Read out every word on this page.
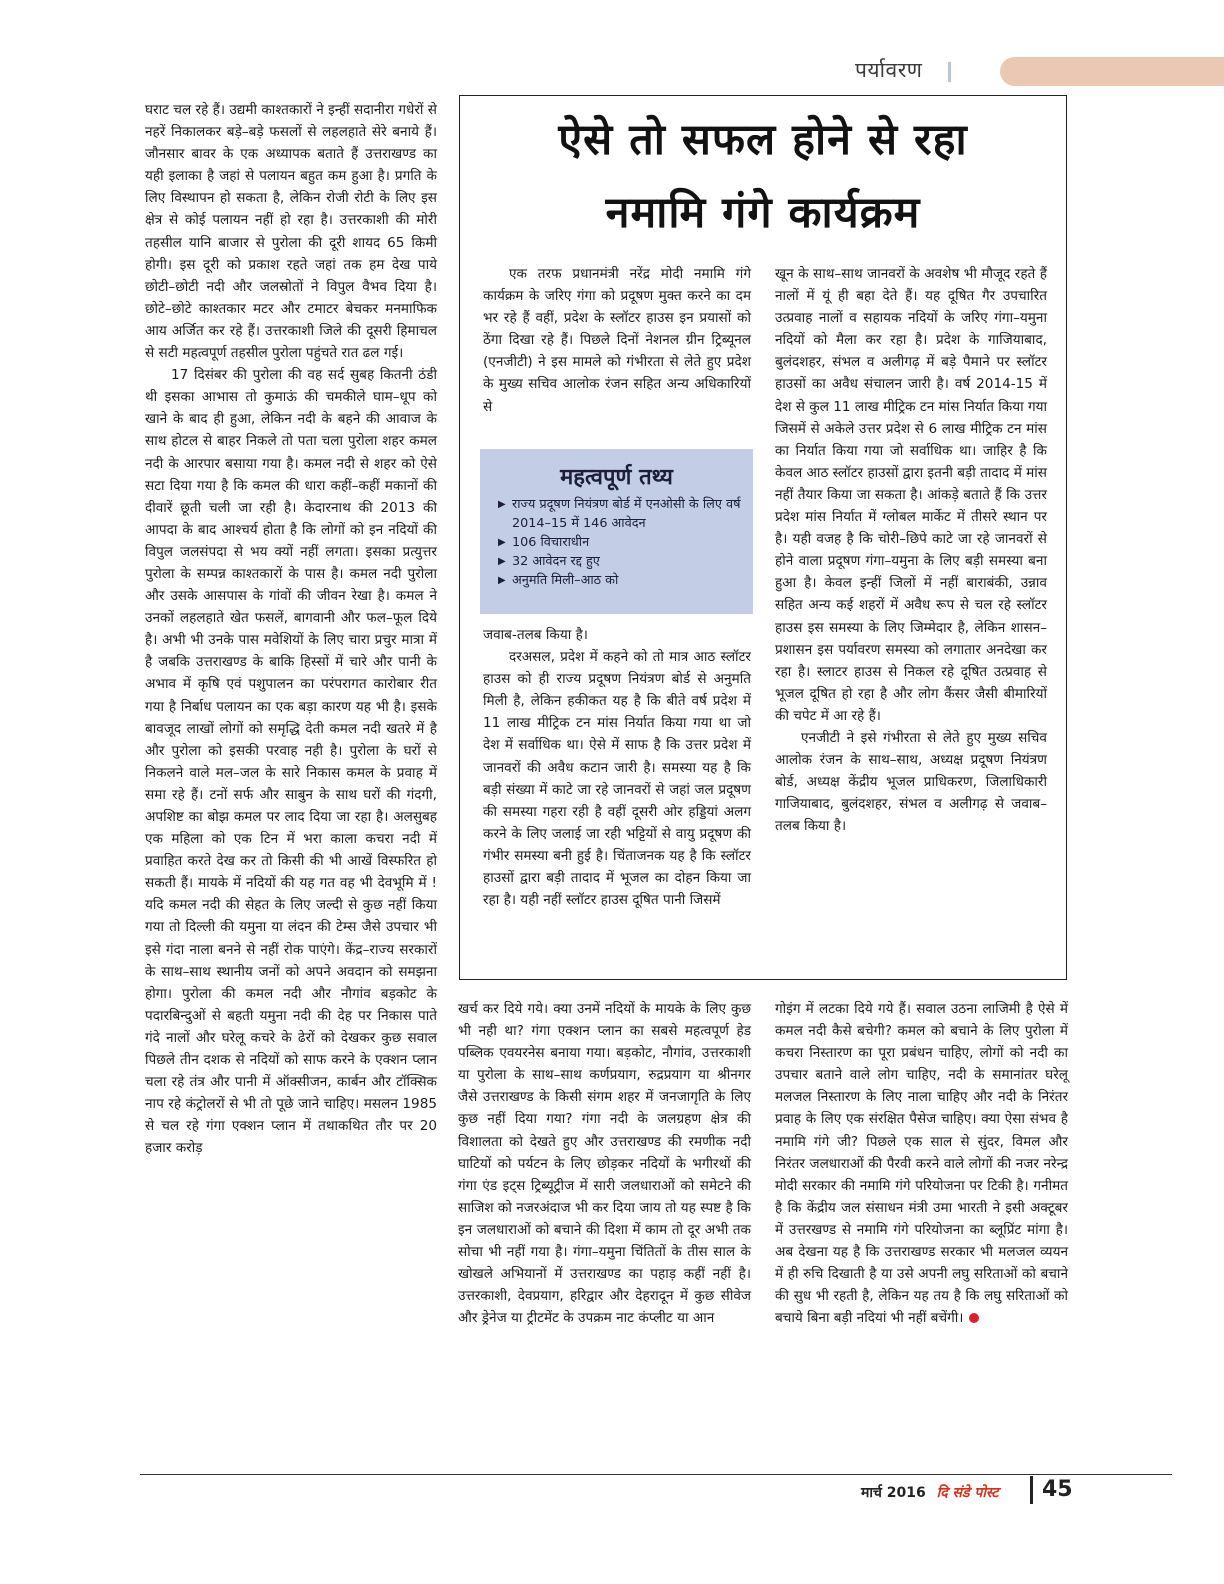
पर्यावरण

घराट चल रहे हैं। उद्यमी काश्तकारों ने इन्हीं सदानीरा गधेरों से नहरें निकालकर बड़े–बड़े फसलों से लहलहाते सेरे बनाये हैं। जौनसार बावर के एक अध्यापक बताते हैं उत्तराखण्ड का यही इलाका है जहां से पलायन बहुत कम हुआ है। प्रगति के लिए विस्थापन हो सकता है, लेकिन रोजी रोटी के लिए इस क्षेत्र से कोई पलायन नहीं हो रहा है। उत्तरकाशी की मोरी तहसील यानि बाजार से पुरोला की दूरी शायद 65 किमी होगी। इस दूरी को प्रकाश रहते जहां तक हम देख पाये छोटी–छोटी नदी और जलस्रोतों ने विपुल वैभव दिया है। छोटे–छोटे काश्तकार मटर और टमाटर बेचकर मनमाफिक आय अर्जित कर रहे हैं। उत्तरकाशी जिले की दूसरी हिमाचल से सटी महत्वपूर्ण तहसील पुरोला पहुंचते रात ढल गई।

17 दिसंबर की पुरोला की वह सर्द सुबह कितनी ठंडी थी इसका आभास तो कुमाऊं की चमकीले घाम–धूप को खाने के बाद ही हुआ, लेकिन नदी के बहने की आवाज के साथ होटल से बाहर निकले तो पता चला पुरोला शहर कमल नदी के आरपार बसाया गया है। कमल नदी से शहर को ऐसे सटा दिया गया है कि कमल की धारा कहीं–कहीं मकानों की दीवारें छूती चली जा रही है। केदारनाथ की 2013 की आपदा के बाद आश्चर्य होता है कि लोगों को इन नदियों की विपुल जलसंपदा से भय क्यों नहीं लगता। इसका प्रत्युत्तर पुरोला के सम्पन्न काश्तकारों के पास है। कमल नदी पुरोला और उसके आसपास के गांवों की जीवन रेखा है। कमल ने उनकों लहलहाते खेत फसलें, बागवानी और फल–फूल दिये है। अभी भी उनके पास मवेशियों के लिए चारा प्रचुर मात्रा में है जबकि उत्तराखण्ड के बाकि हिस्सों में चारे और पानी के अभाव में कृषि एवं पशुपालन का परंपरागत कारोबार रीत गया है निर्बाध पलायन का एक बड़ा कारण यह भी है। इसके बावजूद लाखों लोगों को समृद्धि देती कमल नदी खतरे में है और पुरोला को इसकी परवाह नही है। पुरोला के घरों से निकलने वाले मल–जल के सारे निकास कमल के प्रवाह में समा रहे हैं। टनों सर्फ और साबुन के साथ घरों की गंदगी, अपशिष्ट का बोझ कमल पर लाद दिया जा रहा है। अलसुबह एक महिला को एक टिन में भरा काला कचरा नदी में प्रवाहित करते देख कर तो किसी की भी आखें विस्फरित हो सकती हैं। मायके में नदियों की यह गत वह भी देवभूमि में ! यदि कमल नदी की सेहत के लिए जल्दी से कुछ नहीं किया गया तो दिल्ली की यमुना या लंदन की टेम्स जैसे उपचार भी इसे गंदा नाला बनने से नहीं रोक पाएंगे। केंद्र–राज्य सरकारों के साथ–साथ स्थानीय जनों को अपने अवदान को समझना होगा। पुरोला की कमल नदी और नौगांव बड़कोट के पदारबिन्दुओं से बहती यमुना नदी की देह पर निकास पाते गंदे नालों और घरेलू कचरे के ढेरों को देखकर कुछ सवाल पिछले तीन दशक से नदियों को साफ करने के एक्शन प्लान चला रहे तंत्र और पानी में ऑक्सीजन, कार्बन और टॉक्सिक नाप रहे कंट्रोलरों से भी तो पूछे जाने चाहिए। मसलन 1985 से चल रहे गंगा एक्शन प्लान में तथाकथित तौर पर 20 हजार करोड़

ऐसे तो सफल होने से रहा
नमामि गंगे कार्यक्रम

एक तरफ प्रधानमंत्री नरेंद्र मोदी नमामि गंगे कार्यक्रम के जरिए गंगा को प्रदूषण मुक्त करने का दम भर रहे हैं वहीं, प्रदेश के स्लॉटर हाउस इन प्रयासों को ठेंगा दिखा रहे हैं। पिछले दिनों नेशनल ग्रीन ट्रिब्यूनल (एनजीटी) ने इस मामले को गंभीरता से लेते हुए प्रदेश के मुख्य सचिव आलोक रंजन सहित अन्य अधिकारियों से

महत्वपूर्ण तथ्य
▶ राज्य प्रदूषण नियंत्रण बोर्ड में एनओसी के लिए वर्ष 2014–15 में 146 आवेदन
▶ 106 विचाराधीन
▶ 32 आवेदन रद्द हुए
▶ अनुमति मिली–आठ को

जवाब-तलब किया है।

दरअसल, प्रदेश में कहने को तो मात्र आठ स्लॉटर हाउस को ही राज्य प्रदूषण नियंत्रण बोर्ड से अनुमति मिली है, लेकिन हकीकत यह है कि बीते वर्ष प्रदेश में 11 लाख मीट्रिक टन मांस निर्यात किया गया था जो देश में सर्वाधिक था। ऐसे में साफ है कि उत्तर प्रदेश में जानवरों की अवैध कटान जारी है। समस्या यह है कि बड़ी संख्या में काटे जा रहे जानवरों से जहां जल प्रदूषण की समस्या गहरा रही है वहीं दूसरी ओर हड्डियां अलग करने के लिए जलाई जा रही भट्टियों से वायु प्रदूषण की गंभीर समस्या बनी हुई है। चिंताजनक यह है कि स्लॉटर हाउसों द्वारा बड़ी तादाद में भूजल का दोहन किया जा रहा है। यही नहीं स्लॉटर हाउस दूषित पानी जिसमें

खून के साथ–साथ जानवरों के अवशेष भी मौजूद रहते हैं नालों में यूं ही बहा देते हैं। यह दूषित गैर उपचारित उत्प्रवाह नालों व सहायक नदियों के जरिए गंगा–यमुना नदियों को मैला कर रहा है। प्रदेश के गाजियाबाद, बुलंदशहर, संभल व अलीगढ़ में बड़े पैमाने पर स्लॉटर हाउसों का अवैध संचालन जारी है। वर्ष 2014-15 में देश से कुल 11 लाख मीट्रिक टन मांस निर्यात किया गया जिसमें से अकेले उत्तर प्रदेश से 6 लाख मीट्रिक टन मांस का निर्यात किया गया जो सर्वाधिक था। जाहिर है कि केवल आठ स्लॉटर हाउसों द्वारा इतनी बड़ी तादाद में मांस नहीं तैयार किया जा सकता है। आंकड़े बताते हैं कि उत्तर प्रदेश मांस निर्यात में ग्लोबल मार्केट में तीसरे स्थान पर है। यही वजह है कि चोरी–छिपे काटे जा रहे जानवरों से होने वाला प्रदूषण गंगा–यमुना के लिए बड़ी समस्या बना हुआ है। केवल इन्हीं जिलों में नहीं बाराबंकी, उन्नाव सहित अन्य कई शहरों में अवैध रूप से चल रहे स्लॉटर हाउस इस समस्या के लिए जिम्मेदार है, लेकिन शासन–प्रशासन इस पर्यावरण समस्या को लगातार अनदेखा कर रहा है। स्लाटर हाउस से निकल रहे दूषित उत्प्रवाह से भूजल दूषित हो रहा है और लोग कैंसर जैसी बीमारियों की चपेट में आ रहे हैं।

एनजीटी ने इसे गंभीरता से लेते हुए मुख्य सचिव आलोक रंजन के साथ–साथ, अध्यक्ष प्रदूषण नियंत्रण बोर्ड, अध्यक्ष केंद्रीय भूजल प्राधिकरण, जिलाधिकारी गाजियाबाद, बुलंदशहर, संभल व अलीगढ़ से जवाब–तलब किया है।

खर्च कर दिये गये। क्या उनमें नदियों के मायके के लिए कुछ भी नही था? गंगा एक्शन प्लान का सबसे महत्वपूर्ण हेड पब्लिक एवयरनेस बनाया गया। बड़कोट, नौगांव, उत्तरकाशी या पुरोला के साथ–साथ कर्णप्रयाग, रुद्रप्रयाग या श्रीनगर जैसे उत्तराखण्ड के किसी संगम शहर में जनजागृति के लिए कुछ नहीं दिया गया? गंगा नदी के जलग्रहण क्षेत्र की विशालता को देखते हुए और उत्तराखण्ड की रमणीक नदी घाटियों को पर्यटन के लिए छोड़कर नदियों के भगीरथों की गंगा एंड इट्स ट्रिब्यूट्रीज में सारी जलधाराओं को समेटने की साजिश को नजरअंदाज भी कर दिया जाय तो यह स्पष्ट है कि इन जलधाराओं को बचाने की दिशा में काम तो दूर अभी तक सोचा भी नहीं गया है। गंगा–यमुना चिंतितों के तीस साल के खोखले अभियानों में उत्तराखण्ड का पहाड़ कहीं नहीं है। उत्तरकाशी, देवप्रयाग, हरिद्वार और देहरादून में कुछ सीवेज और ड्रेनेज या ट्रीटमेंट के उपक्रम नाट कंप्लीट या आन

गोइंग में लटका दिये गये हैं। सवाल उठना लाजिमी है ऐसे में कमल नदी कैसे बचेगी? कमल को बचाने के लिए पुरोला में कचरा निस्तारण का पूरा प्रबंधन चाहिए, लोगों को नदी का उपचार बताने वाले लोग चाहिए, नदी के समानांतर घरेलू मलजल निस्तारण के लिए नाला चाहिए और नदी के निरंतर प्रवाह के लिए एक संरक्षित पैसेज चाहिए। क्या ऐसा संभव है नमामि गंगे जी? पिछले एक साल से सुंदर, विमल और निरंतर जलधाराओं की पैरवी करने वाले लोगों की नजर नरेन्द्र मोदी सरकार की नमामि गंगे परियोजना पर टिकी है। गनीमत है कि केंद्रीय जल संसाधन मंत्री उमा भारती ने इसी अक्टूबर में उत्तरखण्ड से नमामि गंगे परियोजना का ब्लूप्रिंट मांगा है। अब देखना यह है कि उत्तराखण्ड सरकार भी मलजल व्ययन में ही रुचि दिखाती है या उसे अपनी लघु सरिताओं को बचाने की सुध भी रहती है, लेकिन यह तय है कि लघु सरिताओं को बचाये बिना बड़ी नदियां भी नहीं बचेंगी।

मार्च 2016 दि संडे पोस्ट 45
